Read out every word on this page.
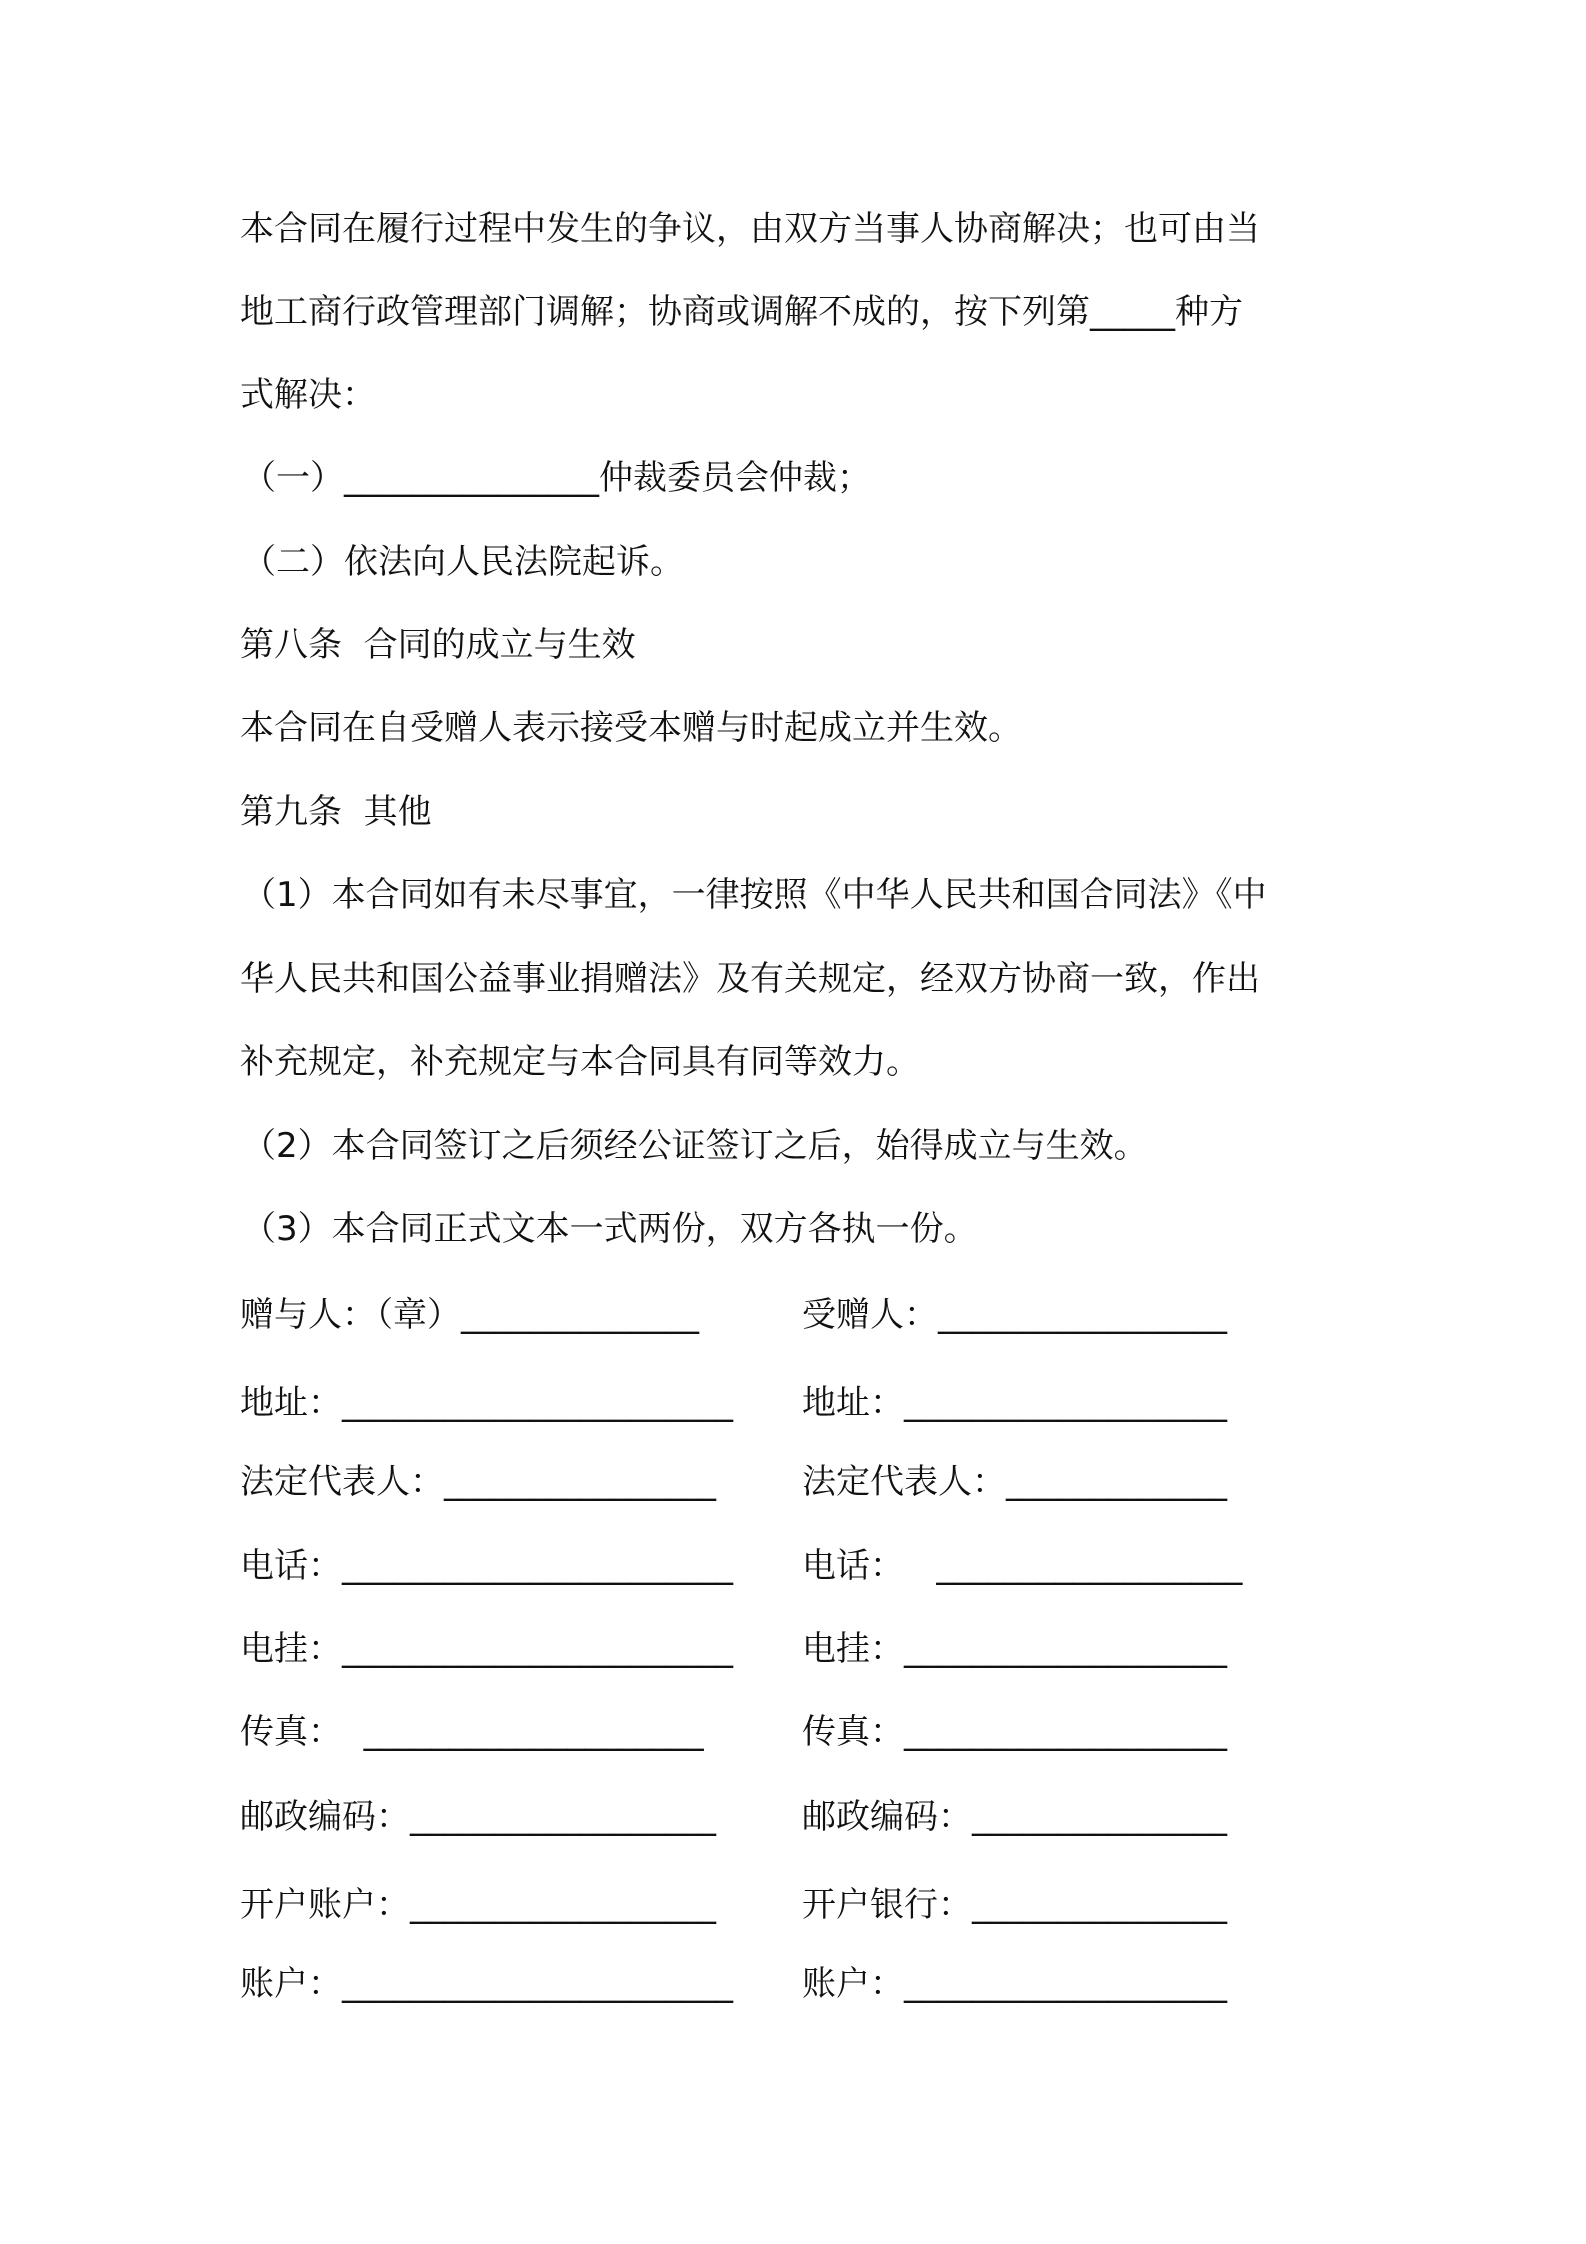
本合同在履行过程中发生的争议，由双方当事人协商解决；也可由当
地工商行政管理部门调解；协商或调解不成的，按下列第_____种方
式解决：
（一）_______________仲裁委员会仲裁；
（二）依法向人民法院起诉。
第八条  合同的成立与生效
本合同在自受赠人表示接受本赠与时起成立并生效。
第九条  其他
（1）本合同如有未尽事宜，一律按照《中华人民共和国合同法》《中
华人民共和国公益事业捐赠法》及有关规定，经双方协商一致，作出
补充规定，补充规定与本合同具有同等效力。
（2）本合同签订之后须经公证签订之后，始得成立与生效。
（3）本合同正式文本一式两份，双方各执一份。
赠与人：（章）______________	受赠人：_________________
地址：_______________________ 地址：___________________
法定代表人：________________	法定代表人：_____________
电话：_______________________ 电话：   __________________
电挂：_______________________ 电挂：___________________
传真：  ____________________	传真：___________________
邮政编码：__________________	邮政编码：_______________
开户账户：__________________	开户银行：_______________
账户：_______________________ 账户：___________________
